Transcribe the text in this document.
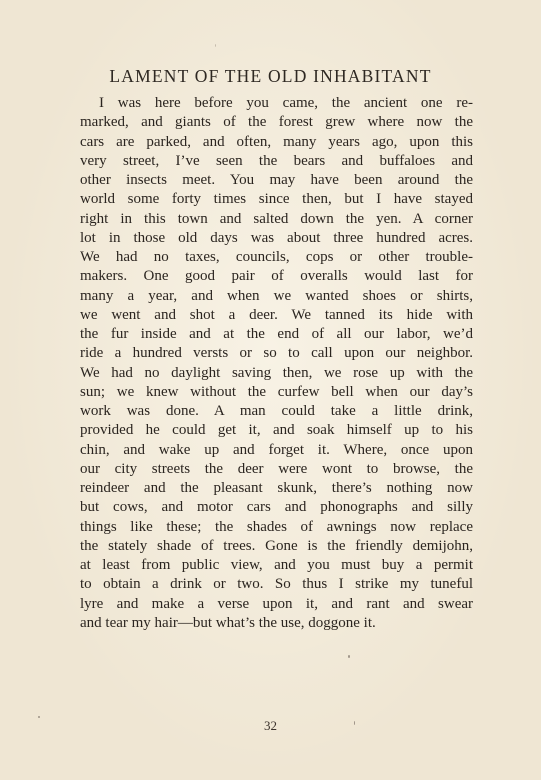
LAMENT OF THE OLD INHABITANT
I was here before you came, the ancient one re-
marked, and giants of the forest grew where now the
cars are parked, and often, many years ago, upon this
very street, I’ve seen the bears and buffaloes and
other insects meet. You may have been around the
world some forty times since then, but I have stayed
right in this town and salted down the yen. A corner
lot in those old days was about three hundred acres.
We had no taxes, councils, cops or other trouble-
makers. One good pair of overalls would last for
many a year, and when we wanted shoes or shirts,
we went and shot a deer. We tanned its hide with
the fur inside and at the end of all our labor, we’d
ride a hundred versts or so to call upon our neighbor.
We had no daylight saving then, we rose up with the
sun; we knew without the curfew bell when our day’s
work was done. A man could take a little drink,
provided he could get it, and soak himself up to his
chin, and wake up and forget it. Where, once upon
our city streets the deer were wont to browse, the
reindeer and the pleasant skunk, there’s nothing now
but cows, and motor cars and phonographs and silly
things like these; the shades of awnings now replace
the stately shade of trees. Gone is the friendly demijohn,
at least from public view, and you must buy a permit
to obtain a drink or two. So thus I strike my tuneful
lyre and make a verse upon it, and rant and swear
and tear my hair—but what’s the use, doggone it.
32
